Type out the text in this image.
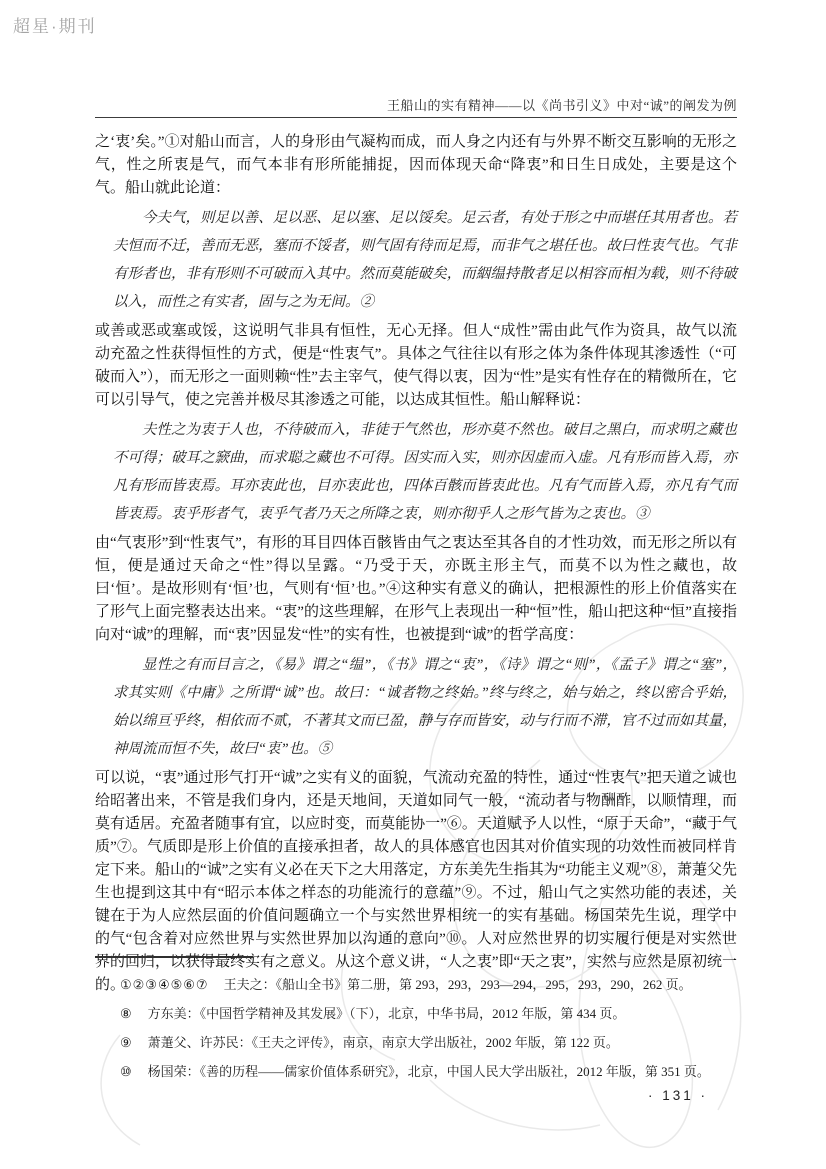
超星·期刊
王船山的实有精神——以《尚书引义》中对“诚”的阐发为例

之‘衷’矣。”①对船山而言，人的身形由气凝构而成，而人身之内还有与外界不断交互影响的无形之气，性之所衷是气，而气本非有形所能捕捉，因而体现天命“降衷”和日生日成处，主要是这个气。船山就此论道：

今夫气，则足以善、足以恶、足以塞、足以馁矣。足云者，有处于形之中而堪任其用者也。若夫恒而不迁，善而无恶，塞而不馁者，则气固有待而足焉，而非气之堪任也。故曰性衷气也。气非有形者也，非有形则不可破而入其中。然而莫能破矣，而絪缊持散者足以相容而相为载，则不待破以入，而性之有实者，固与之为无间。②

或善或恶或塞或馁，这说明气非具有恒性，无心无择。但人“成性”需由此气作为资具，故气以流动充盈之性获得恒性的方式，便是“性衷气”。具体之气往往以有形之体为条件体现其渗透性（“可破而入”），而无形之一面则赖“性”去主宰气，使气得以衷，因为“性”是实有性存在的精微所在，它可以引导气，使之完善并极尽其渗透之可能，以达成其恒性。船山解释说：

夫性之为衷于人也，不待破而入，非徒于气然也，形亦莫不然也。破目之黑白，而求明之藏也不可得；破耳之窾曲，而求聪之藏也不可得。因实而入实，则亦因虚而入虚。凡有形而皆入焉，亦凡有形而皆衷焉。耳亦衷此也，目亦衷此也，四体百骸而皆衷此也。凡有气而皆入焉，亦凡有气而皆衷焉。衷乎形者气，衷乎气者乃天之所降之衷，则亦彻乎人之形气皆为之衷也。③

由“气衷形”到“性衷气”，有形的耳目四体百骸皆由气之衷达至其各自的才性功效，而无形之所以有恒，便是通过天命之“性”得以呈露。“乃受于天，亦既主形主气，而莫不以为性之藏也，故曰‘恒’。是故形则有‘恒’也，气则有‘恒’也。”④这种实有意义的确认，把根源性的形上价值落实在了形气上面完整表达出来。“衷”的这些理解，在形气上表现出一种“恒”性，船山把这种“恒”直接指向对“诚”的理解，而“衷”因显发“性”的实有性，也被提到“诚”的哲学高度：

显性之有而目言之，《易》谓之“缊”，《书》谓之“衷”，《诗》谓之“则”，《孟子》谓之“塞”，求其实则《中庸》之所谓“诚”也。故曰：“诚者物之终始。”终与终之，始与始之，终以密合乎始，始以绵亘乎终，相依而不贰，不著其文而已盈，静与存而皆安，动与行而不滞，官不过而如其量，神周流而恒不失，故曰“衷”也。⑤

可以说，“衷”通过形气打开“诚”之实有义的面貌，气流动充盈的特性，通过“性衷气”把天道之诚也给昭著出来，不管是我们身内，还是天地间，天道如同气一般，“流动者与物酬酢，以顺情理，而莫有适居。充盈者随事有宜，以应时变，而莫能协一”⑥。天道赋予人以性，“原于天命”，“藏于气质”⑦。气质即是形上价值的直接承担者，故人的具体感官也因其对价值实现的功效性而被同样肯定下来。船山的“诚”之实有义必在天下之大用落定，方东美先生指其为“功能主义观”⑧，萧萐父先生也提到这其中有“昭示本体之样态的功能流行的意蕴”⑨。不过，船山气之实然功能的表述，关键在于为人应然层面的价值问题确立一个与实然世界相统一的实有基础。杨国荣先生说，理学中的气“包含着对应然世界与实然世界加以沟通的意向”⑩。人对应然世界的切实履行便是对实然世界的回归，以获得最终实有之意义。从这个意义讲，“人之衷”即“天之衷”，实然与应然是原初统一的。

①②③④⑤⑥⑦ 王夫之：《船山全书》第二册，第 293，293，293—294，295，293，290，262 页。
⑧ 方东美：《中国哲学精神及其发展》（下），北京，中华书局，2012 年版，第 434 页。
⑨ 萧萐父、许苏民：《王夫之评传》，南京，南京大学出版社，2002 年版，第 122 页。
⑩ 杨国荣：《善的历程——儒家价值体系研究》，北京，中国人民大学出版社，2012 年版，第 351 页。
· 131 ·
